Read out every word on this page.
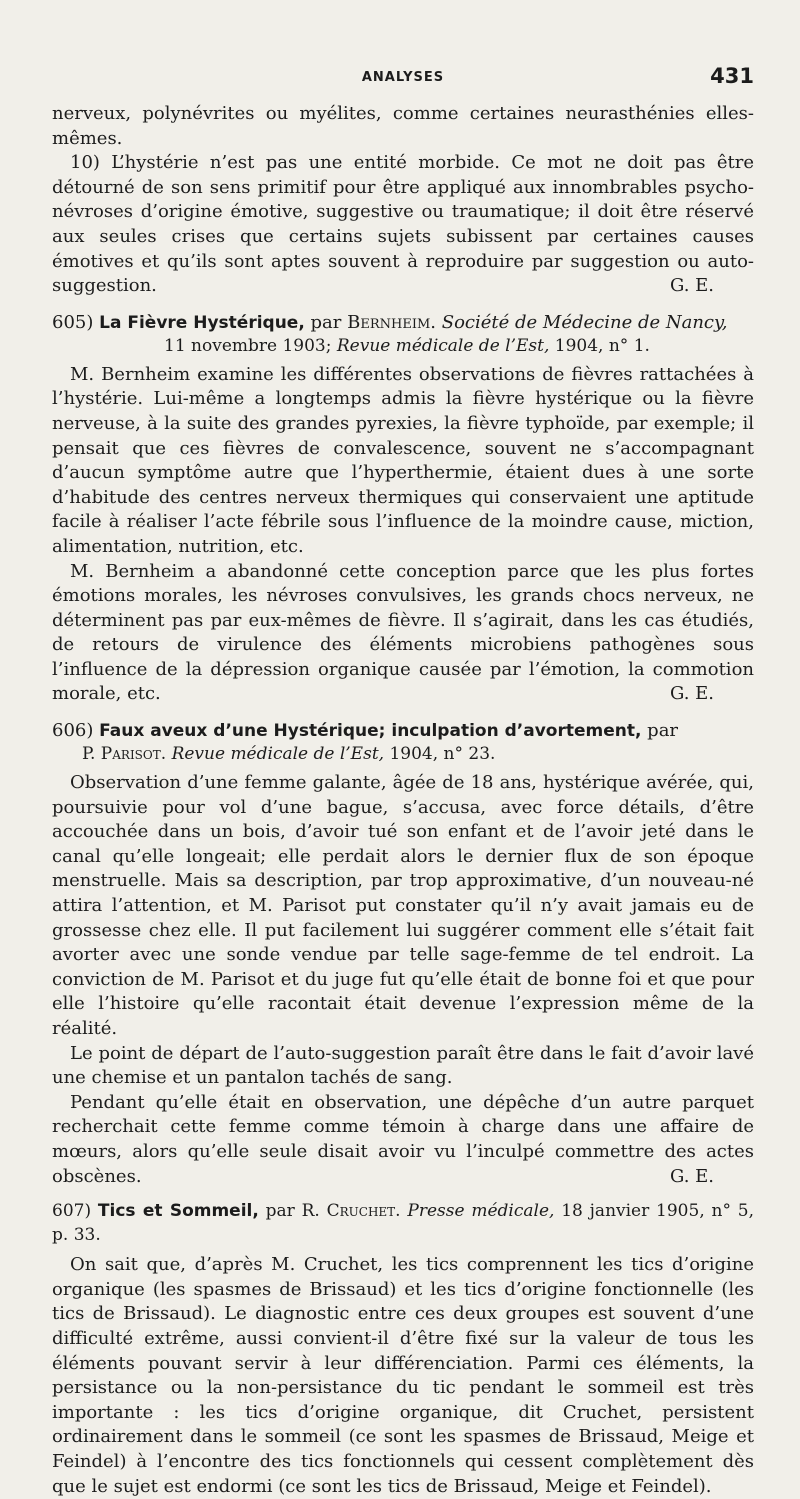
ANALYSES	431

nerveux, polynévrites ou myélites, comme certaines neurasthénies elles-mêmes.

10) L’hystérie n’est pas une entité morbide. Ce mot ne doit pas être détourné de son sens primitif pour être appliqué aux innombrables psycho-névroses d’origine émotive, suggestive ou traumatique; il doit être réservé aux seules crises que certains sujets subissent par certaines causes émotives et qu’ils sont aptes souvent à reproduire par suggestion ou auto-suggestion.	G. E.

605) La Fièvre Hystérique, par Bernheim. Société de Médecine de Nancy,
11 novembre 1903; Revue médicale de l’Est, 1904, n° 1.

M. Bernheim examine les différentes observations de fièvres rattachées à l’hystérie. Lui-même a longtemps admis la fièvre hystérique ou la fièvre nerveuse, à la suite des grandes pyrexies, la fièvre typhoïde, par exemple; il pensait que ces fièvres de convalescence, souvent ne s’accompagnant d’aucun symptôme autre que l’hyperthermie, étaient dues à une sorte d’habitude des centres nerveux thermiques qui conservaient une aptitude facile à réaliser l’acte fébrile sous l’influence de la moindre cause, miction, alimentation, nutrition, etc.

M. Bernheim a abandonné cette conception parce que les plus fortes émotions morales, les névroses convulsives, les grands chocs nerveux, ne déterminent pas par eux-mêmes de fièvre. Il s’agirait, dans les cas étudiés, de retours de virulence des éléments microbiens pathogènes sous l’influence de la dépression organique causée par l’émotion, la commotion morale, etc.	G. E.

606) Faux aveux d’une Hystérique; inculpation d’avortement, par
P. Parisot. Revue médicale de l’Est, 1904, n° 23.

Observation d’une femme galante, âgée de 18 ans, hystérique avérée, qui, poursuivie pour vol d’une bague, s’accusa, avec force détails, d’être accouchée dans un bois, d’avoir tué son enfant et de l’avoir jeté dans le canal qu’elle longeait; elle perdait alors le dernier flux de son époque menstruelle. Mais sa description, par trop approximative, d’un nouveau-né attira l’attention, et M. Parisot put constater qu’il n’y avait jamais eu de grossesse chez elle. Il put facilement lui suggérer comment elle s’était fait avorter avec une sonde vendue par telle sage-femme de tel endroit. La conviction de M. Parisot et du juge fut qu’elle était de bonne foi et que pour elle l’histoire qu’elle racontait était devenue l’expression même de la réalité.

Le point de départ de l’auto-suggestion paraît être dans le fait d’avoir lavé une chemise et un pantalon tachés de sang.

Pendant qu’elle était en observation, une dépêche d’un autre parquet recherchait cette femme comme témoin à charge dans une affaire de mœurs, alors qu’elle seule disait avoir vu l’inculpé commettre des actes obscènes.	G. E.

607) Tics et Sommeil, par R. Cruchet. Presse médicale, 18 janvier 1905, n° 5, p. 33.

On sait que, d’après M. Cruchet, les tics comprennent les tics d’origine organique (les spasmes de Brissaud) et les tics d’origine fonctionnelle (les tics de Brissaud). Le diagnostic entre ces deux groupes est souvent d’une difficulté extrême, aussi convient-il d’être fixé sur la valeur de tous les éléments pouvant servir à leur différenciation. Parmi ces éléments, la persistance ou la non-persistance du tic pendant le sommeil est très importante : les tics d’origine organique, dit Cruchet, persistent ordinairement dans le sommeil (ce sont les spasmes de Brissaud, Meige et Feindel) à l’encontre des tics fonctionnels qui cessent complètement dès que le sujet est endormi (ce sont les tics de Brissaud, Meige et Feindel).
